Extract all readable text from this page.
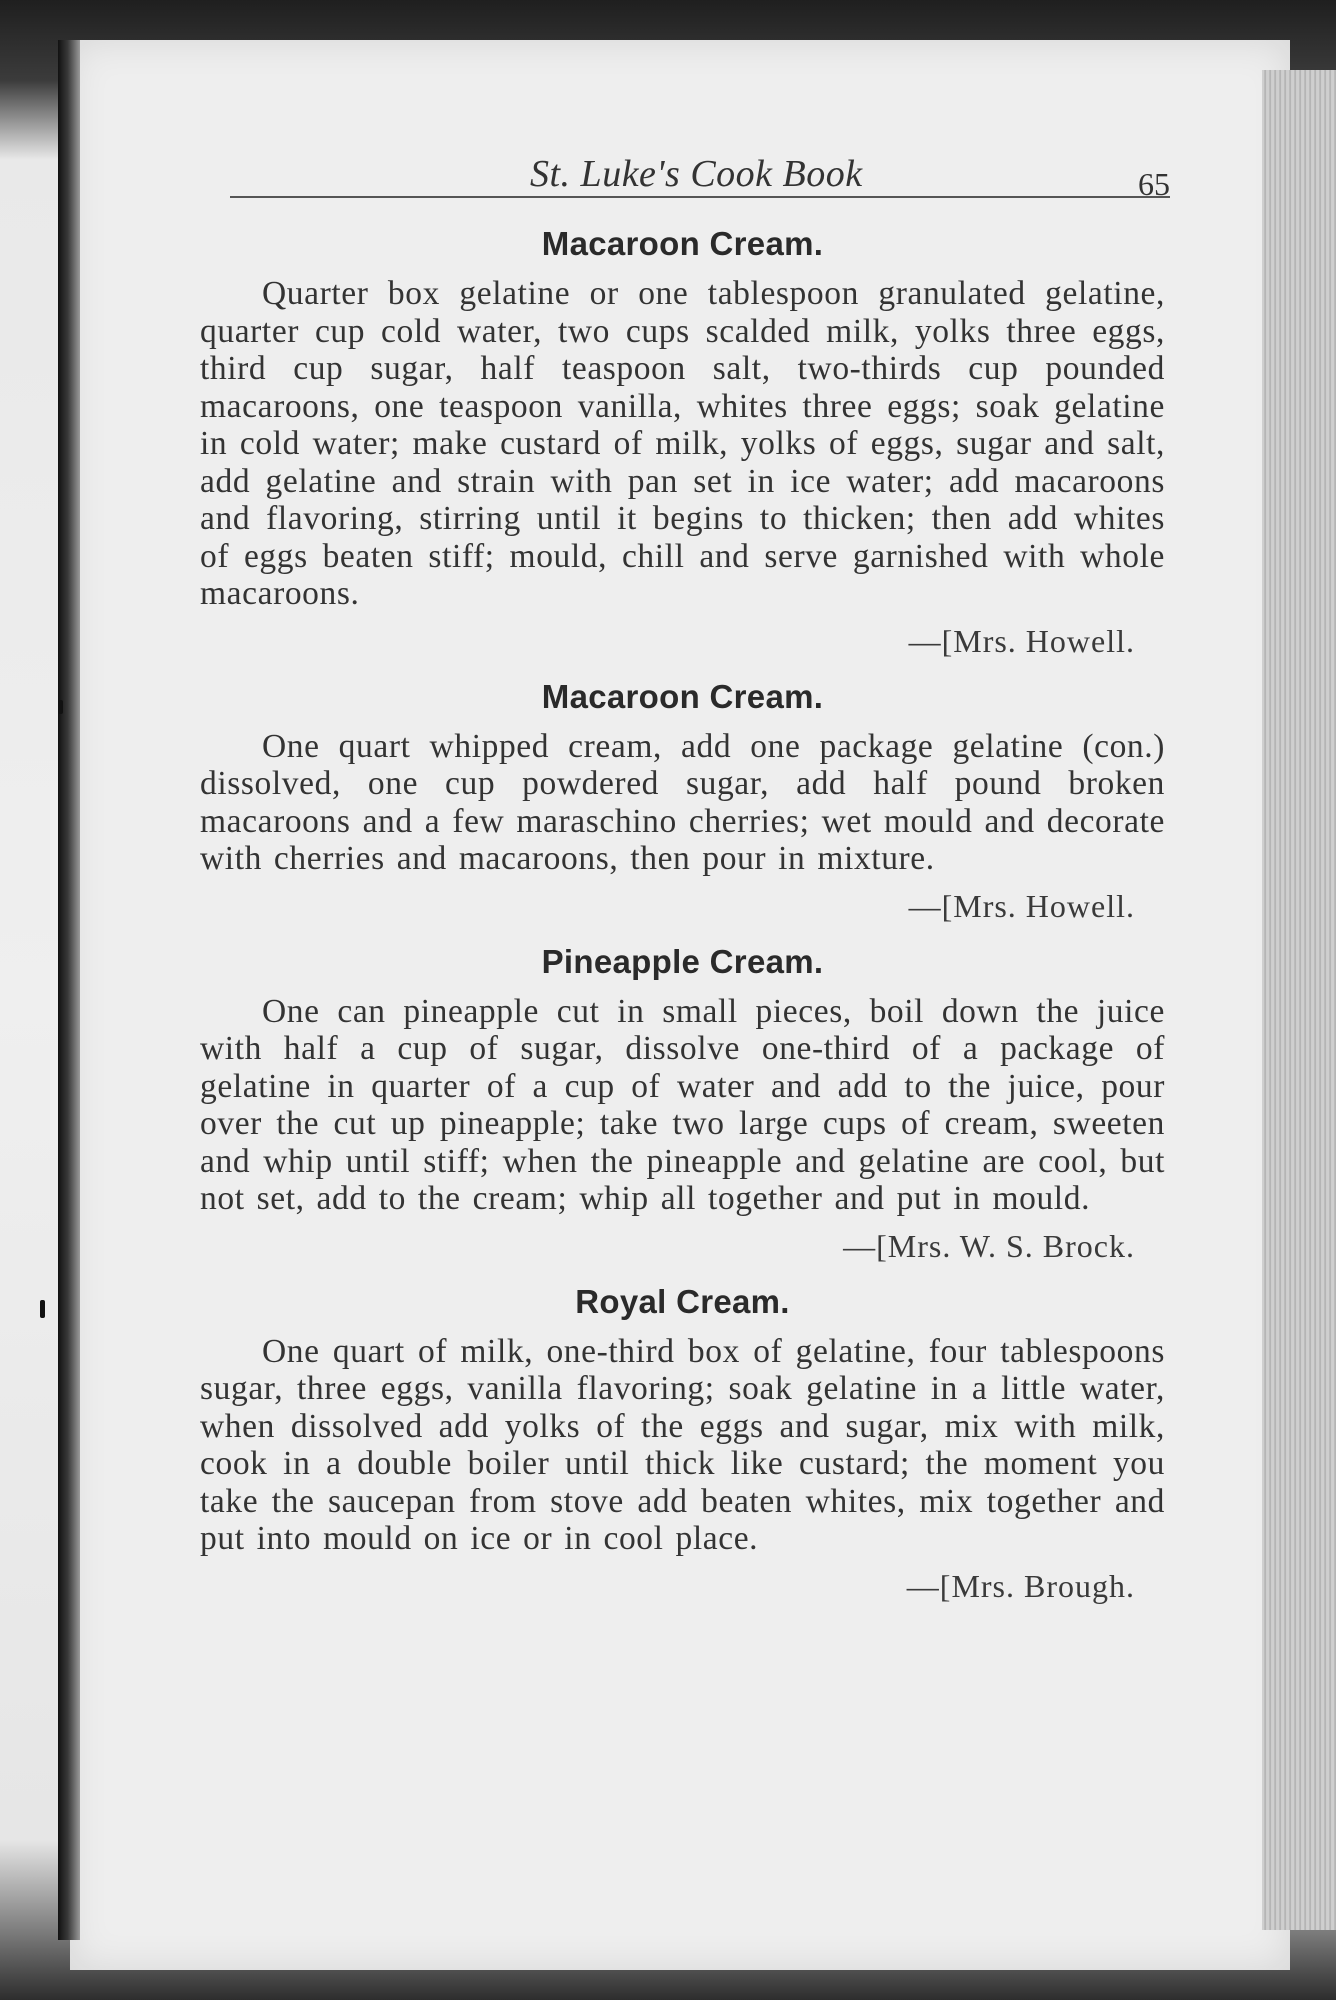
St. Luke's Cook Book	65
Macaroon Cream.

Quarter box gelatine or one tablespoon granulated gelatine, quarter cup cold water, two cups scalded milk, yolks three eggs, third cup sugar, half teaspoon salt, two-thirds cup pounded macaroons, one teaspoon vanilla, whites three eggs; soak gelatine in cold water; make custard of milk, yolks of eggs, sugar and salt, add gelatine and strain with pan set in ice water; add macaroons and flavoring, stirring until it begins to thicken; then add whites of eggs beaten stiff; mould, chill and serve garnished with whole macaroons.

—[Mrs. Howell.
Macaroon Cream.

One quart whipped cream, add one package gelatine (con.) dissolved, one cup powdered sugar, add half pound broken macaroons and a few maraschino cherries; wet mould and decorate with cherries and macaroons, then pour in mixture.

—[Mrs. Howell.
Pineapple Cream.

One can pineapple cut in small pieces, boil down the juice with half a cup of sugar, dissolve one-third of a package of gelatine in quarter of a cup of water and add to the juice, pour over the cut up pineapple; take two large cups of cream, sweeten and whip until stiff; when the pineapple and gelatine are cool, but not set, add to the cream; whip all together and put in mould.

—[Mrs. W. S. Brock.
Royal Cream.

One quart of milk, one-third box of gelatine, four tablespoons sugar, three eggs, vanilla flavoring; soak gelatine in a little water, when dissolved add yolks of the eggs and sugar, mix with milk, cook in a double boiler until thick like custard; the moment you take the saucepan from stove add beaten whites, mix together and put into mould on ice or in cool place.

—[Mrs. Brough.
